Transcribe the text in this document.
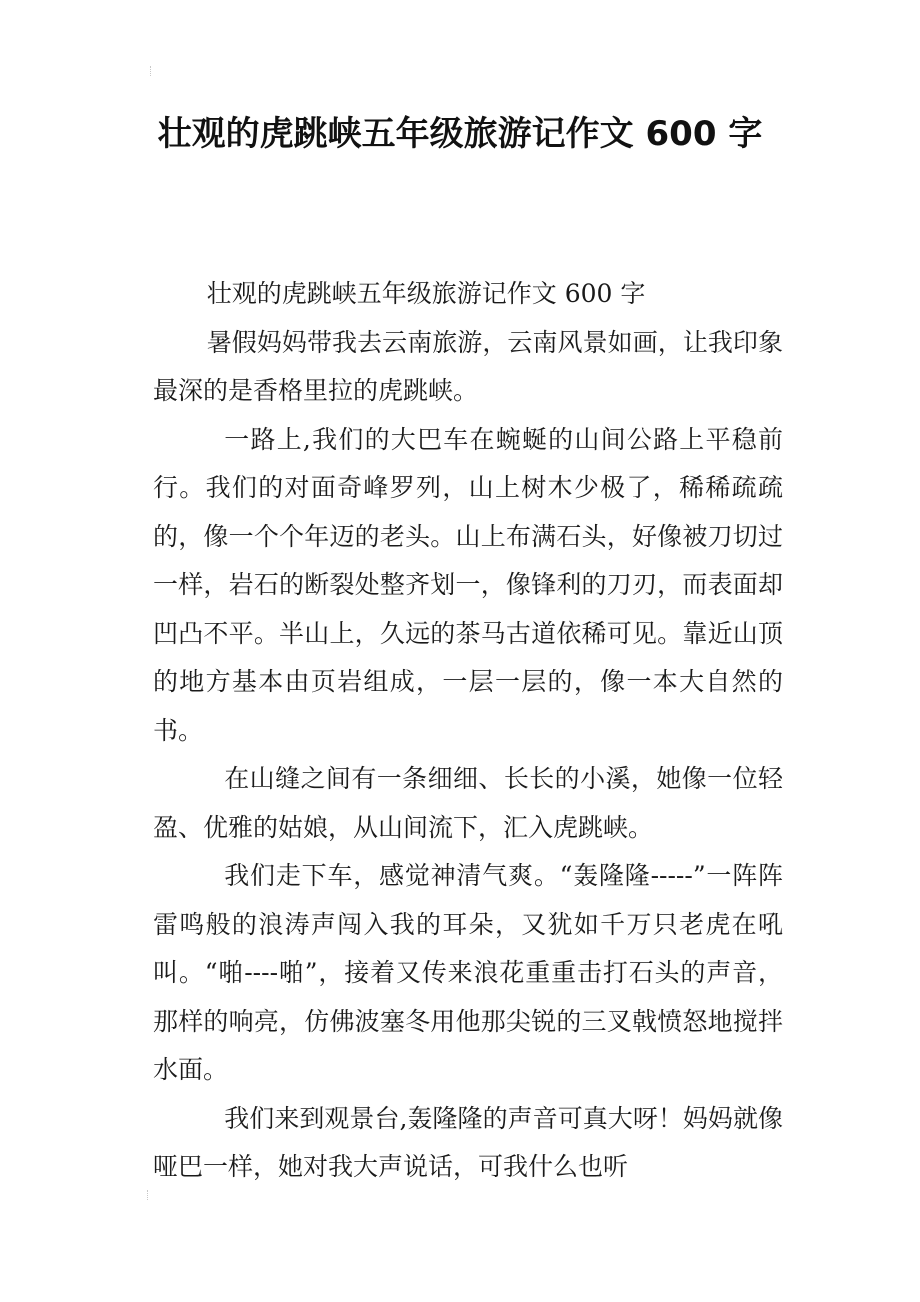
壮观的虎跳峡五年级旅游记作文 600 字

壮观的虎跳峡五年级旅游记作文 600 字

暑假妈妈带我去云南旅游，云南风景如画，让我印象最深的是香格里拉的虎跳峡。

一路上,我们的大巴车在蜿蜒的山间公路上平稳前行。我们的对面奇峰罗列，山上树木少极了，稀稀疏疏的，像一个个年迈的老头。山上布满石头，好像被刀切过一样，岩石的断裂处整齐划一，像锋利的刀刃，而表面却凹凸不平。半山上，久远的茶马古道依稀可见。靠近山顶的地方基本由页岩组成，一层一层的，像一本大自然的书。

在山缝之间有一条细细、长长的小溪，她像一位轻盈、优雅的姑娘，从山间流下，汇入虎跳峡。

我们走下车，感觉神清气爽。“轰隆隆-----”一阵阵雷鸣般的浪涛声闯入我的耳朵，又犹如千万只老虎在吼叫。“啪----啪”，接着又传来浪花重重击打石头的声音，那样的响亮，仿佛波塞冬用他那尖锐的三叉戟愤怒地搅拌水面。

我们来到观景台,轰隆隆的声音可真大呀！妈妈就像哑巴一样，她对我大声说话，可我什么也听
